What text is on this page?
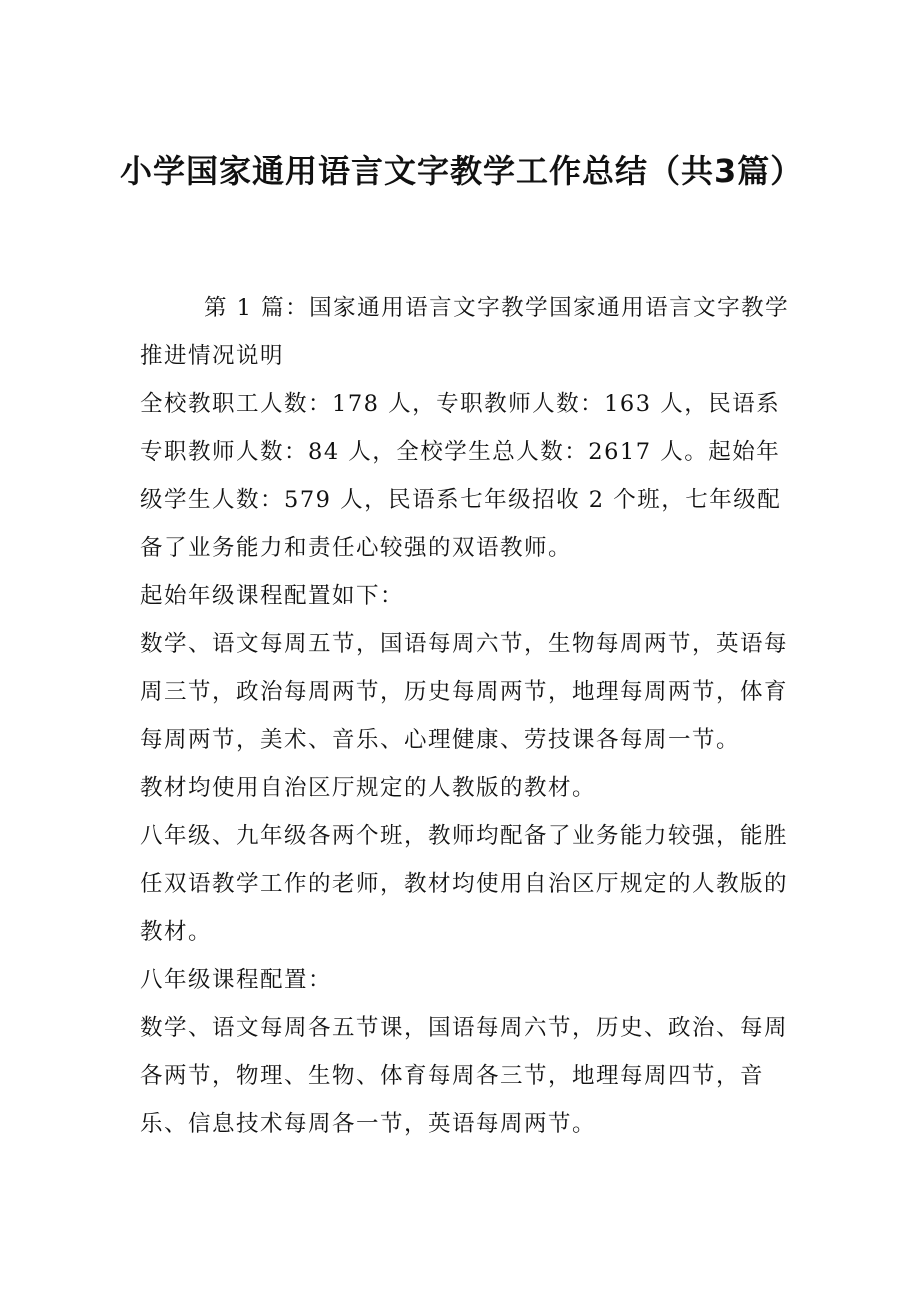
小学国家通用语言文字教学工作总结（共3篇）

第 1 篇：国家通用语言文字教学国家通用语言文字教学

推进情况说明

全校教职工人数：178 人，专职教师人数：163 人，民语系专职教师人数：84 人，全校学生总人数：2617 人。起始年级学生人数：579 人，民语系七年级招收 2 个班，七年级配备了业务能力和责任心较强的双语教师。

起始年级课程配置如下：

数学、语文每周五节，国语每周六节，生物每周两节，英语每周三节，政治每周两节，历史每周两节，地理每周两节，体育每周两节，美术、音乐、心理健康、劳技课各每周一节。

教材均使用自治区厅规定的人教版的教材。

八年级、九年级各两个班，教师均配备了业务能力较强，能胜任双语教学工作的老师，教材均使用自治区厅规定的人教版的教材。

八年级课程配置：

数学、语文每周各五节课，国语每周六节，历史、政治、每周各两节，物理、生物、体育每周各三节，地理每周四节，音乐、信息技术每周各一节，英语每周两节。
